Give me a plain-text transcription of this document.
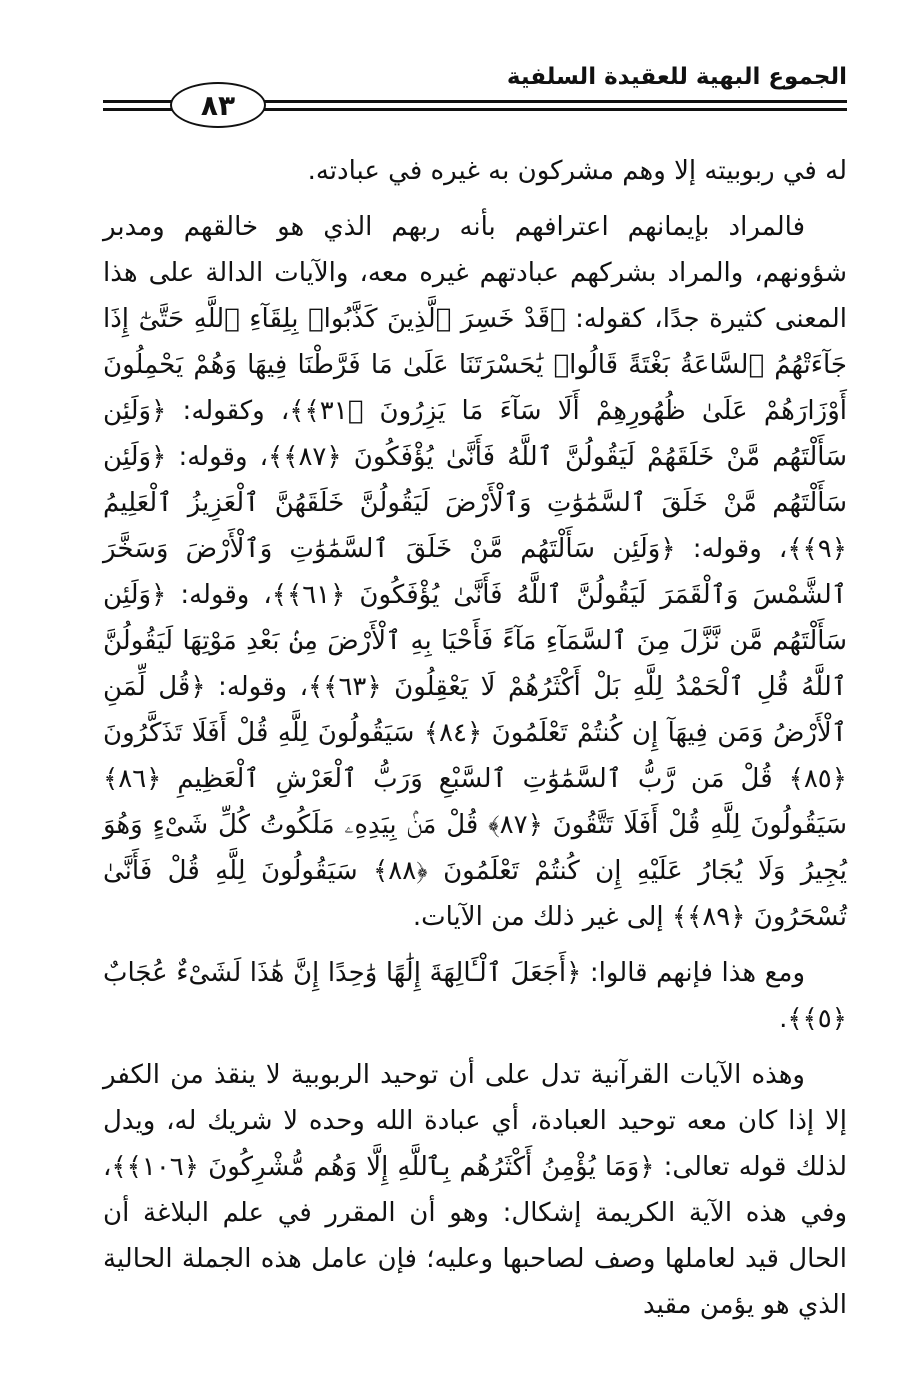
الجموع البهية للعقيدة السلفية
٨٣

له في ربوبيته إلا وهم مشركون به غيره في عبادته.

فالمراد بإيمانهم اعترافهم بأنه ربهم الذي هو خالقهم ومدبر شؤونهم، والمراد بشركهم عبادتهم غيره معه، والآيات الدالة على هذا المعنى كثيرة جدًا، كقوله: ﴿قَدْ خَسِرَ ٱلَّذِينَ كَذَّبُوا۟ بِلِقَآءِ ٱللَّهِ حَتَّىٰٓ إِذَا جَآءَتْهُمُ ٱلسَّاعَةُ بَغْتَةً قَالُوا۟ يَٰحَسْرَتَنَا عَلَىٰ مَا فَرَّطْنَا فِيهَا وَهُمْ يَحْمِلُونَ أَوْزَارَهُمْ عَلَىٰ ظُهُورِهِمْ أَلَا سَآءَ مَا يَزِرُونَ ﴿٣١﴾﴾، وكقوله: ﴿وَلَئِن سَأَلْتَهُم مَّنْ خَلَقَهُمْ لَيَقُولُنَّ ٱللَّهُ فَأَنَّىٰ يُؤْفَكُونَ ﴿٨٧﴾﴾، وقوله: ﴿وَلَئِن سَأَلْتَهُم مَّنْ خَلَقَ ٱلسَّمَٰوَٰتِ وَٱلْأَرْضَ لَيَقُولُنَّ خَلَقَهُنَّ ٱلْعَزِيزُ ٱلْعَلِيمُ ﴿٩﴾﴾، وقوله: ﴿وَلَئِن سَأَلْتَهُم مَّنْ خَلَقَ ٱلسَّمَٰوَٰتِ وَٱلْأَرْضَ وَسَخَّرَ ٱلشَّمْسَ وَٱلْقَمَرَ لَيَقُولُنَّ ٱللَّهُ فَأَنَّىٰ يُؤْفَكُونَ ﴿٦١﴾﴾، وقوله: ﴿وَلَئِن سَأَلْتَهُم مَّن نَّزَّلَ مِنَ ٱلسَّمَآءِ مَآءً فَأَحْيَا بِهِ ٱلْأَرْضَ مِنۢ بَعْدِ مَوْتِهَا لَيَقُولُنَّ ٱللَّهُ قُلِ ٱلْحَمْدُ لِلَّهِ بَلْ أَكْثَرُهُمْ لَا يَعْقِلُونَ ﴿٦٣﴾﴾، وقوله: ﴿قُل لِّمَنِ ٱلْأَرْضُ وَمَن فِيهَآ إِن كُنتُمْ تَعْلَمُونَ ﴿٨٤﴾ سَيَقُولُونَ لِلَّهِ قُلْ أَفَلَا تَذَكَّرُونَ ﴿٨٥﴾ قُلْ مَن رَّبُّ ٱلسَّمَٰوَٰتِ ٱلسَّبْعِ وَرَبُّ ٱلْعَرْشِ ٱلْعَظِيمِ ﴿٨٦﴾ سَيَقُولُونَ لِلَّهِ قُلْ أَفَلَا تَتَّقُونَ ﴿٨٧﴾ قُلْ مَنۢ بِيَدِهِۦ مَلَكُوتُ كُلِّ شَىْءٍ وَهُوَ يُجِيرُ وَلَا يُجَارُ عَلَيْهِ إِن كُنتُمْ تَعْلَمُونَ ﴿٨٨﴾ سَيَقُولُونَ لِلَّهِ قُلْ فَأَنَّىٰ تُسْحَرُونَ ﴿٨٩﴾﴾ إلى غير ذلك من الآيات.

ومع هذا فإنهم قالوا: ﴿أَجَعَلَ ٱلْـَٔالِهَةَ إِلَٰهًا وَٰحِدًا إِنَّ هَٰذَا لَشَىْءٌ عُجَابٌ ﴿٥﴾﴾.

وهذه الآيات القرآنية تدل على أن توحيد الربوبية لا ينقذ من الكفر إلا إذا كان معه توحيد العبادة، أي عبادة الله وحده لا شريك له، ويدل لذلك قوله تعالى: ﴿وَمَا يُؤْمِنُ أَكْثَرُهُم بِٱللَّهِ إِلَّا وَهُم مُّشْرِكُونَ ﴿١٠٦﴾﴾، وفي هذه الآية الكريمة إشكال: وهو أن المقرر في علم البلاغة أن الحال قيد لعاملها وصف لصاحبها وعليه؛ فإن عامل هذه الجملة الحالية الذي هو يؤمن مقيد
